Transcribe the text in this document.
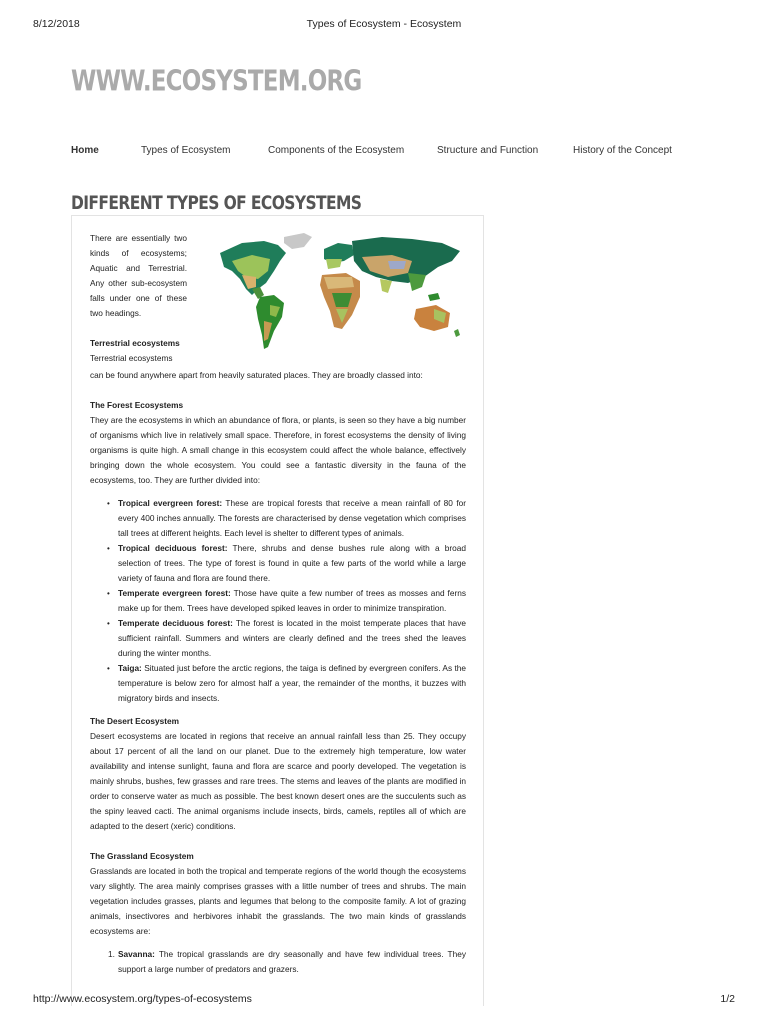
8/12/2018	Types of Ecosystem - Ecosystem
WWW.ECOSYSTEM.ORG
Home	Types of Ecosystem	Components of the Ecosystem	Structure and Function	History of the Concept
DIFFERENT TYPES OF ECOSYSTEMS

There are essentially two kinds of ecosystems; Aquatic and Terrestrial. Any other sub-ecosystem falls under one of these two headings.

Terrestrial ecosystems

Terrestrial ecosystems

can be found anywhere apart from heavily saturated places. They are broadly classed into:

The Forest Ecosystems

They are the ecosystems in which an abundance of flora, or plants, is seen so they have a big number of organisms which live in relatively small space. Therefore, in forest ecosystems the density of living organisms is quite high. A small change in this ecosystem could affect the whole balance, effectively bringing down the whole ecosystem. You could see a fantastic diversity in the fauna of the ecosystems, too. They are further divided into:

• Tropical evergreen forest: These are tropical forests that receive a mean rainfall of 80 for every 400 inches annually. The forests are characterised by dense vegetation which comprises tall trees at different heights. Each level is shelter to different types of animals.
• Tropical deciduous forest: There, shrubs and dense bushes rule along with a broad selection of trees. The type of forest is found in quite a few parts of the world while a large variety of fauna and flora are found there.
• Temperate evergreen forest: Those have quite a few number of trees as mosses and ferns make up for them. Trees have developed spiked leaves in order to minimize transpiration.
• Temperate deciduous forest: The forest is located in the moist temperate places that have sufficient rainfall. Summers and winters are clearly defined and the trees shed the leaves during the winter months.
• Taiga: Situated just before the arctic regions, the taiga is defined by evergreen conifers. As the temperature is below zero for almost half a year, the remainder of the months, it buzzes with migratory birds and insects.
The Desert Ecosystem

Desert ecosystems are located in regions that receive an annual rainfall less than 25. They occupy about 17 percent of all the land on our planet. Due to the extremely high temperature, low water availability and intense sunlight, fauna and flora are scarce and poorly developed. The vegetation is mainly shrubs, bushes, few grasses and rare trees. The stems and leaves of the plants are modified in order to conserve water as much as possible. The best known desert ones are the succulents such as the spiny leaved cacti. The animal organisms include insects, birds, camels, reptiles all of which are adapted to the desert (xeric) conditions.

The Grassland Ecosystem

Grasslands are located in both the tropical and temperate regions of the world though the ecosystems vary slightly. The area mainly comprises grasses with a little number of trees and shrubs. The main vegetation includes grasses, plants and legumes that belong to the composite family. A lot of grazing animals, insectivores and herbivores inhabit the grasslands. The two main kinds of grasslands ecosystems are:

1. Savanna: The tropical grasslands are dry seasonally and have few individual trees. They support a large number of predators and grazers.
http://www.ecosystem.org/types-of-ecosystems	1/2
